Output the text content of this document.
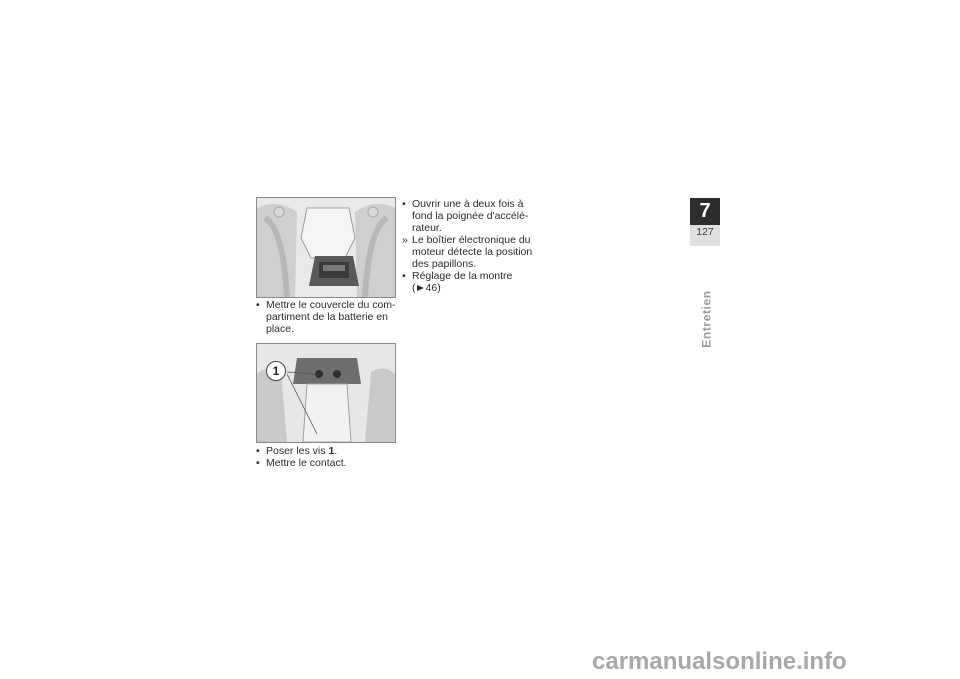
• Mettre le couvercle du com-partiment de la batterie en place.
1
• Poser les vis 1.
• Mettre le contact.
• Ouvrir une à deux fois à fond la poignée d'accélé-rateur.
» Le boîtier électronique du moteur détecte la position des papillons.
• Réglage de la montre
( 46)
7
127
Entretien
carmanualsonline.info
